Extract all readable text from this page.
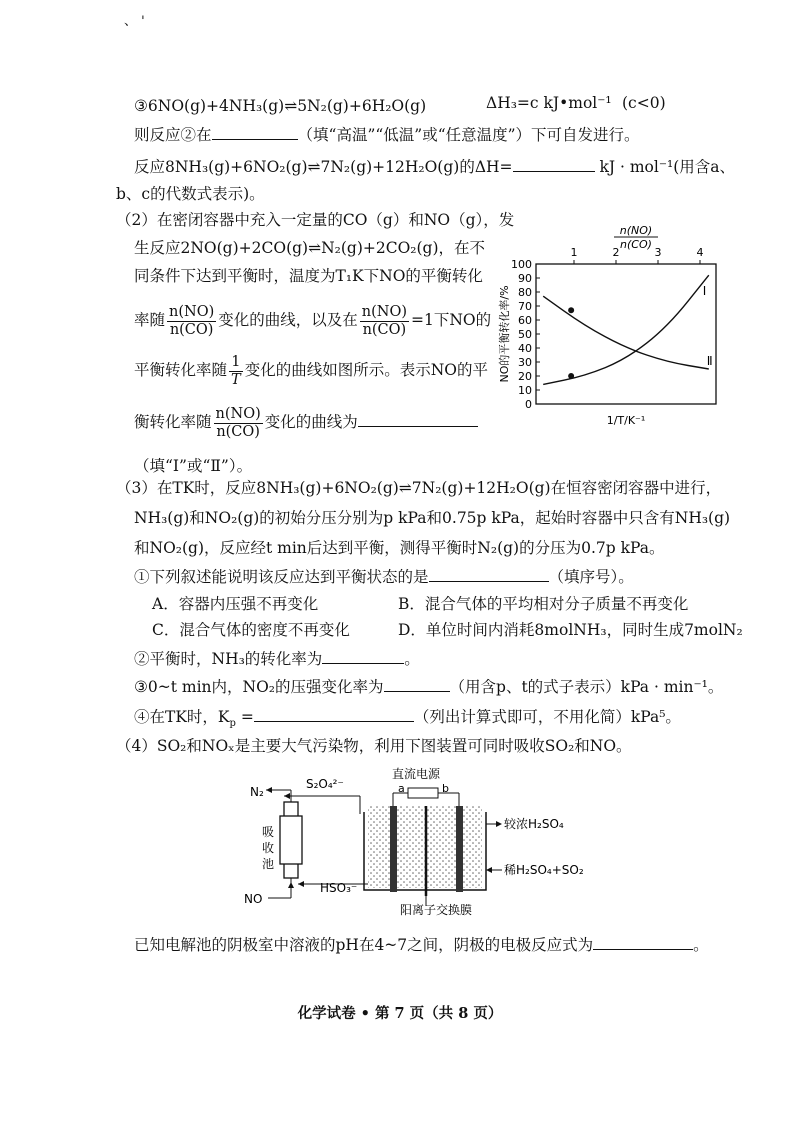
、 '
③6NO(g)+4NH₃(g)⇌5N₂(g)+6H₂O(g)	ΔH₃=c kJ•mol⁻¹ (c<0)
则反应②在	（填“高温”“低温”或“任意温度”）下可自发进行。
反应8NH₃(g)+6NO₂(g)⇌7N₂(g)+12H₂O(g)的ΔH=	kJ · mol⁻¹(用含a、
b、c的代数式表示)。
（2）在密闭容器中充入一定量的CO（g）和NO（g），发
生反应2NO(g)+2CO(g)⇌N₂(g)+2CO₂(g)，在不
同条件下达到平衡时，温度为T₁K下NO的平衡转化
率随 $\frac{n(NO)}{n(CO)}$ 变化的曲线，以及在 $\frac{n(NO)}{n(CO)} =1$下NO的
平衡转化率随 $\frac{1}{T}$ 变化的曲线如图所示。表示NO的平
衡转化率随 $\frac{n(NO)}{n(CO)}$ 变化的曲线为
（填“Ⅰ”或“Ⅱ”）。
0
10
20
30
40
50
60
70
80
90
100
1	2	3	4
n(NO)
n(CO)
NO的平衡转化率/%
1/T/K⁻¹
Ⅰ
Ⅱ
（3）在TK时，反应8NH₃(g)+6NO₂(g)⇌7N₂(g)+12H₂O(g)在恒容密闭容器中进行，
NH₃(g)和NO₂(g)的初始分压分别为p kPa和0.75p kPa，起始时容器中只含有NH₃(g)
和NO₂(g)，反应经t min后达到平衡，测得平衡时N₂(g)的分压为0.7p kPa。
①下列叙述能说明该反应达到平衡状态的是	（填序号）。
A．容器内压强不再变化	B．混合气体的平均相对分子质量不再变化
C．混合气体的密度不再变化	D．单位时间内消耗8molNH₃，同时生成7molN₂
②平衡时，NH₃的转化率为	。
③0~t min内，NO₂的压强变化率为	（用含p、t的式子表示）kPa · min⁻¹。
④在TK时，$K_p$ =	（列出计算式即可，不用化简）kPa⁵。
（4）SO₂和NOₓ是主要大气污染物，利用下图装置可同时吸收SO₂和NO。
N₂
S₂O₄²⁻
直流电源
a	b
吸
收
池
HSO₃⁻
NO
较浓H₂SO₄
稀H₂SO₄+SO₂
阳离子交换膜
已知电解池的阴极室中溶液的pH在4~7之间，阴极的电极反应式为	。
化学试卷 • 第 7 页（共 8 页）
